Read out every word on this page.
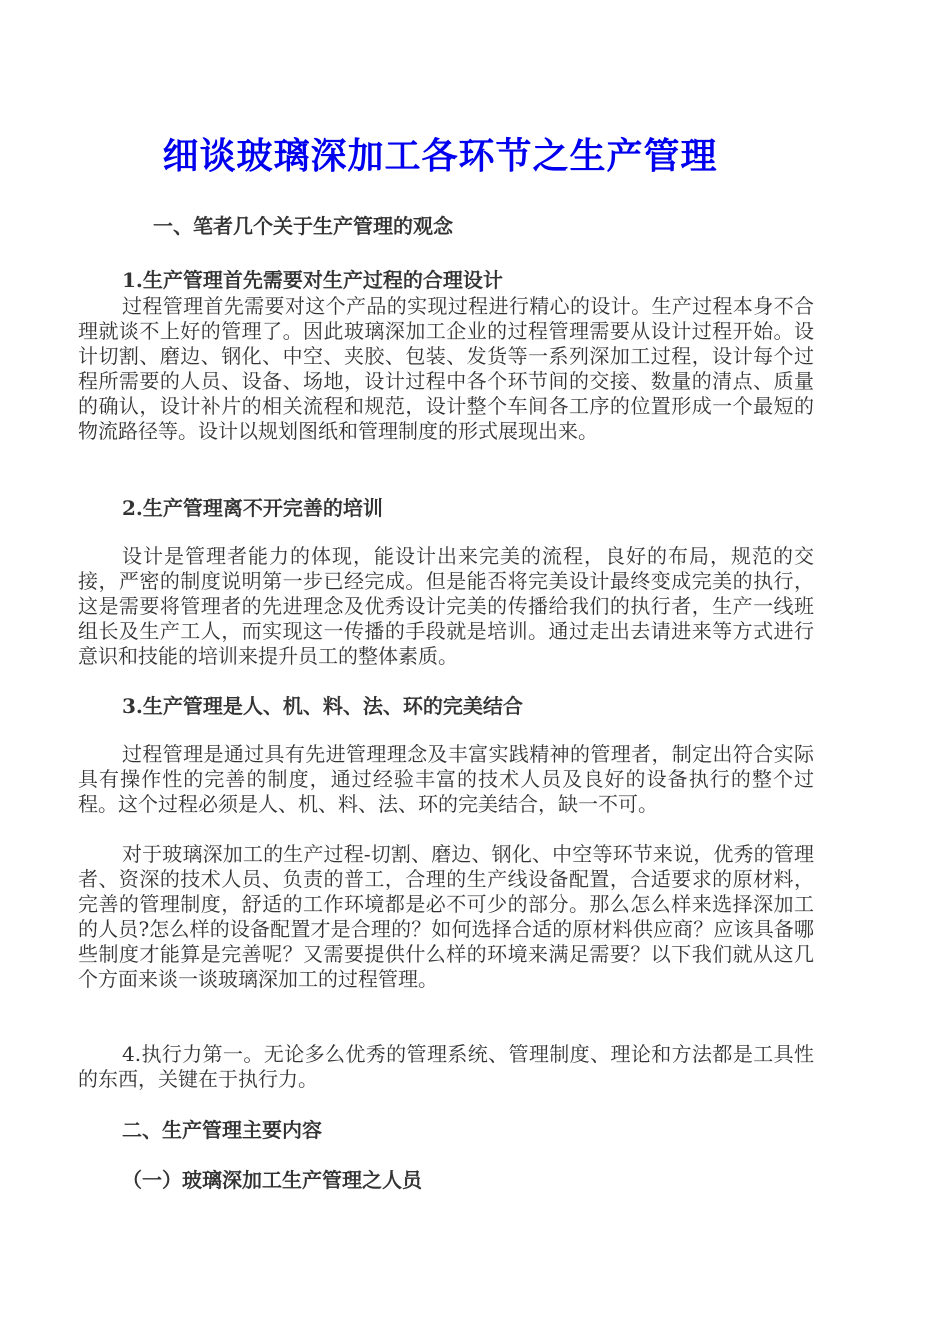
细谈玻璃深加工各环节之生产管理
一、笔者几个关于生产管理的观念
1.生产管理首先需要对生产过程的合理设计
过程管理首先需要对这个产品的实现过程进行精心的设计。生产过程本身不合理就谈不上好的管理了。因此玻璃深加工企业的过程管理需要从设计过程开始。设计切割、磨边、钢化、中空、夹胶、包装、发货等一系列深加工过程，设计每个过程所需要的人员、设备、场地，设计过程中各个环节间的交接、数量的清点、质量的确认，设计补片的相关流程和规范，设计整个车间各工序的位置形成一个最短的物流路径等。设计以规划图纸和管理制度的形式展现出来。
2.生产管理离不开完善的培训
设计是管理者能力的体现，能设计出来完美的流程，良好的布局，规范的交接，严密的制度说明第一步已经完成。但是能否将完美设计最终变成完美的执行，这是需要将管理者的先进理念及优秀设计完美的传播给我们的执行者，生产一线班组长及生产工人，而实现这一传播的手段就是培训。通过走出去请进来等方式进行意识和技能的培训来提升员工的整体素质。
3.生产管理是人、机、料、法、环的完美结合
过程管理是通过具有先进管理理念及丰富实践精神的管理者，制定出符合实际具有操作性的完善的制度，通过经验丰富的技术人员及良好的设备执行的整个过程。这个过程必须是人、机、料、法、环的完美结合，缺一不可。
对于玻璃深加工的生产过程-切割、磨边、钢化、中空等环节来说，优秀的管理者、资深的技术人员、负责的普工，合理的生产线设备配置，合适要求的原材料，完善的管理制度，舒适的工作环境都是必不可少的部分。那么怎么样来选择深加工的人员?怎么样的设备配置才是合理的？如何选择合适的原材料供应商？应该具备哪些制度才能算是完善呢？又需要提供什么样的环境来满足需要？以下我们就从这几个方面来谈一谈玻璃深加工的过程管理。
4.执行力第一。无论多么优秀的管理系统、管理制度、理论和方法都是工具性的东西，关键在于执行力。
二、生产管理主要内容
（一）玻璃深加工生产管理之人员
